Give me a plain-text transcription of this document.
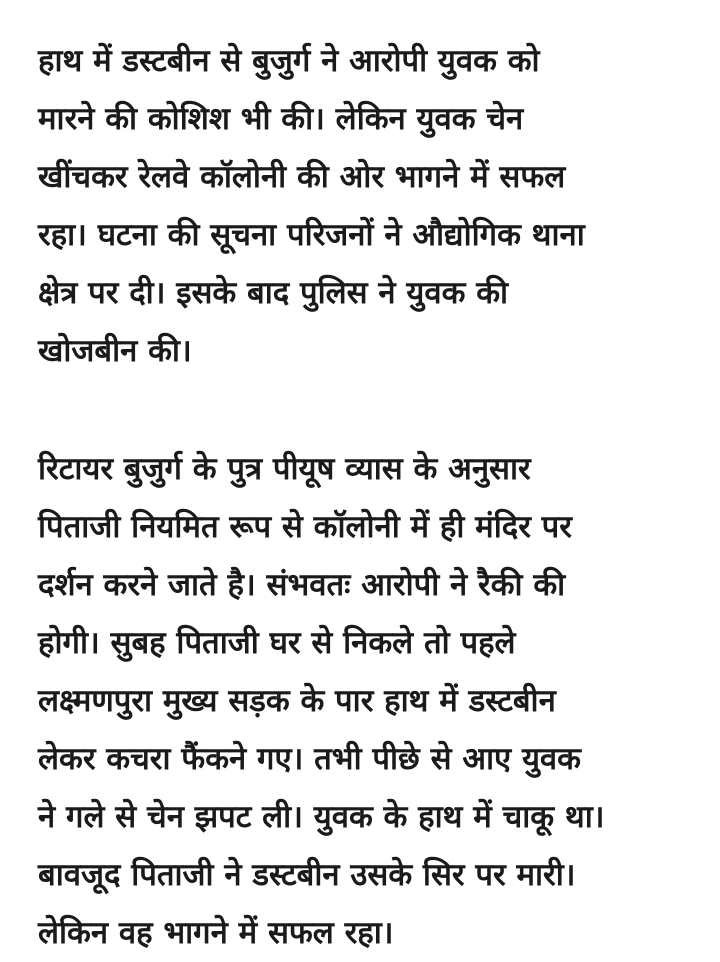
हाथ में डस्टबीन से बुजुर्ग ने आरोपी युवक को
मारने की कोशिश भी की। लेकिन युवक चेन
खींचकर रेलवे कॉलोनी की ओर भागने में सफल
रहा। घटना की सूचना परिजनों ने औद्योगिक थाना
क्षेत्र पर दी। इसके बाद पुलिस ने युवक की
खोजबीन की।
रिटायर बुजुर्ग के पुत्र पीयूष व्यास के अनुसार
पिताजी नियमित रूप से कॉलोनी में ही मंदिर पर
दर्शन करने जाते है। संभवतः आरोपी ने रैकी की
होगी। सुबह पिताजी घर से निकले तो पहले
लक्ष्मणपुरा मुख्य सड़क के पार हाथ में डस्टबीन
लेकर कचरा फैंकने गए। तभी पीछे से आए युवक
ने गले से चेन झपट ली। युवक के हाथ में चाकू था।
बावजूद पिताजी ने डस्टबीन उसके सिर पर मारी।
लेकिन वह भागने में सफल रहा।
